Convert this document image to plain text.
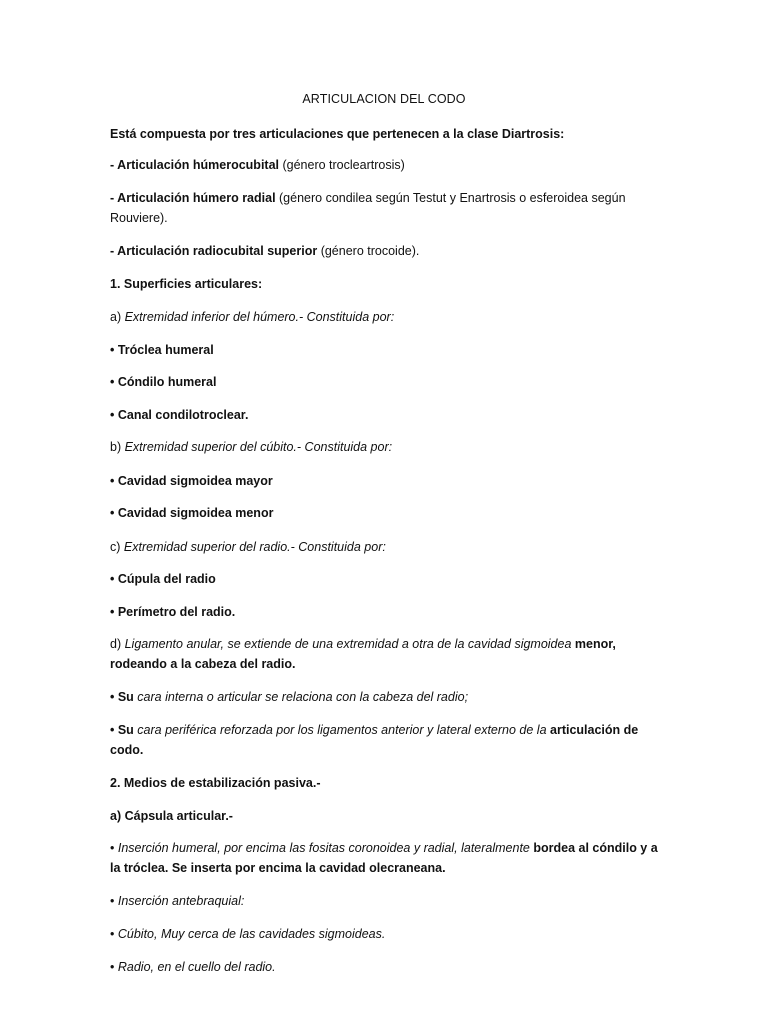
ARTICULACION DEL CODO

Está compuesta por tres articulaciones que pertenecen a la clase Diartrosis:

- Articulación húmerocubital (género trocleartrosis)

- Articulación húmero radial (género condilea según Testut y Enartrosis o esferoidea según Rouviere).

- Articulación radiocubital superior (género trocoide).

1. Superficies articulares:

a) Extremidad inferior del húmero.- Constituida por:

• Tróclea humeral

• Cóndilo humeral

• Canal condilotroclear.

b) Extremidad superior del cúbito.- Constituida por:

• Cavidad sigmoidea mayor

• Cavidad sigmoidea menor

c) Extremidad superior del radio.- Constituida por:

• Cúpula del radio

• Perímetro del radio.

d) Ligamento anular, se extiende de una extremidad a otra de la cavidad sigmoidea menor, rodeando a la cabeza del radio.

• Su cara interna o articular se relaciona con la cabeza del radio;

• Su cara periférica reforzada por los ligamentos anterior y lateral externo de la articulación de codo.

2. Medios de estabilización pasiva.-

a) Cápsula articular.-

• Inserción humeral, por encima las fositas coronoidea y radial, lateralmente bordea al cóndilo y a la tróclea. Se inserta por encima la cavidad olecraneana.

• Inserción antebraquial:

• Cúbito, Muy cerca de las cavidades sigmoideas.

• Radio, en el cuello del radio.
